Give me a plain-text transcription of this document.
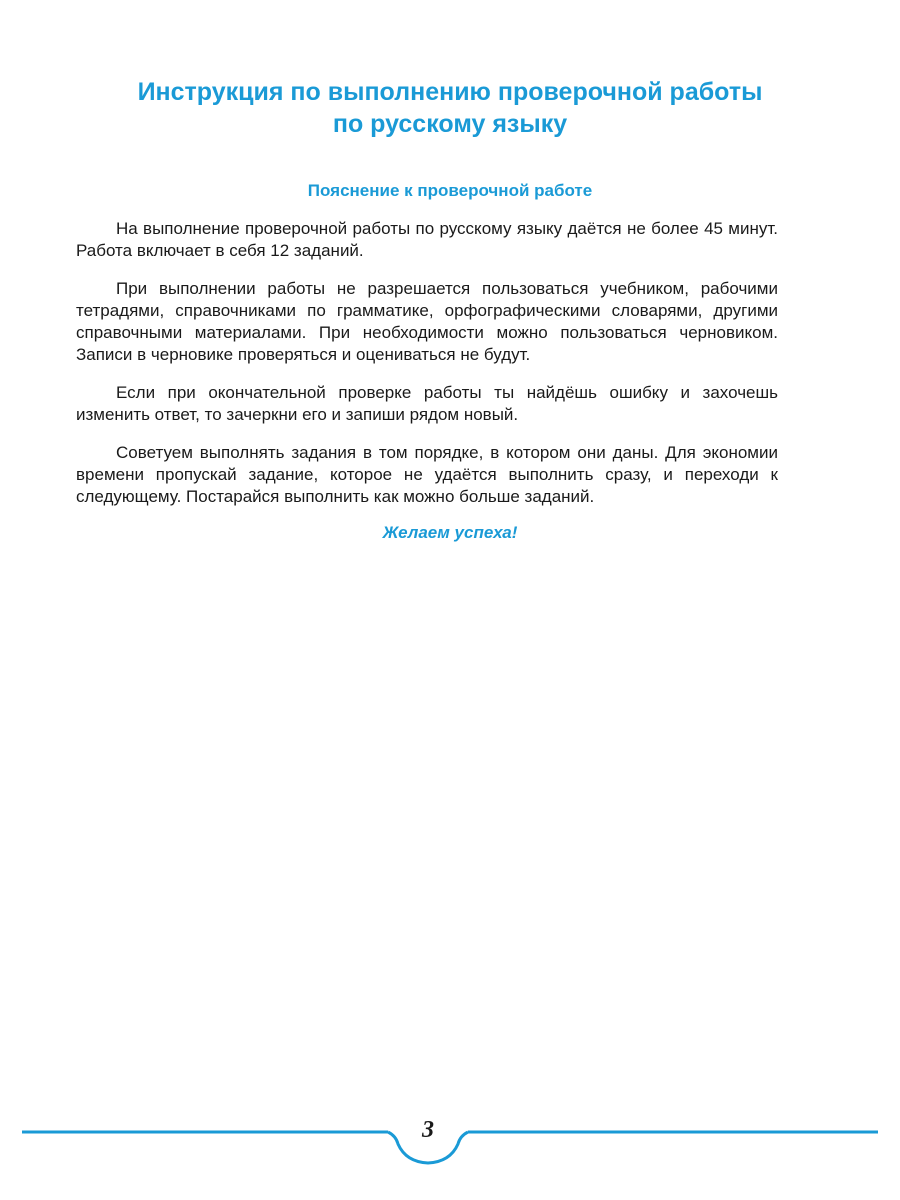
Инструкция по выполнению проверочной работы
по русскому языку
Пояснение к проверочной работе

На выполнение проверочной работы по русскому языку даётся не более 45 минут. Работа включает в себя 12 заданий.

При выполнении работы не разрешается пользоваться учебником, рабочими тетрадями, справочниками по грамматике, орфографическими словарями, другими справочными материалами. При необходимости можно пользоваться черновиком. Записи в черновике проверяться и оцениваться не будут.

Если при окончательной проверке работы ты найдёшь ошибку и захочешь изменить ответ, то зачеркни его и запиши рядом новый.

Советуем выполнять задания в том порядке, в котором они даны. Для экономии времени пропускай задание, которое не удаётся выполнить сразу, и переходи к следующему. Постарайся выполнить как можно больше заданий.

Желаем успеха!

3
